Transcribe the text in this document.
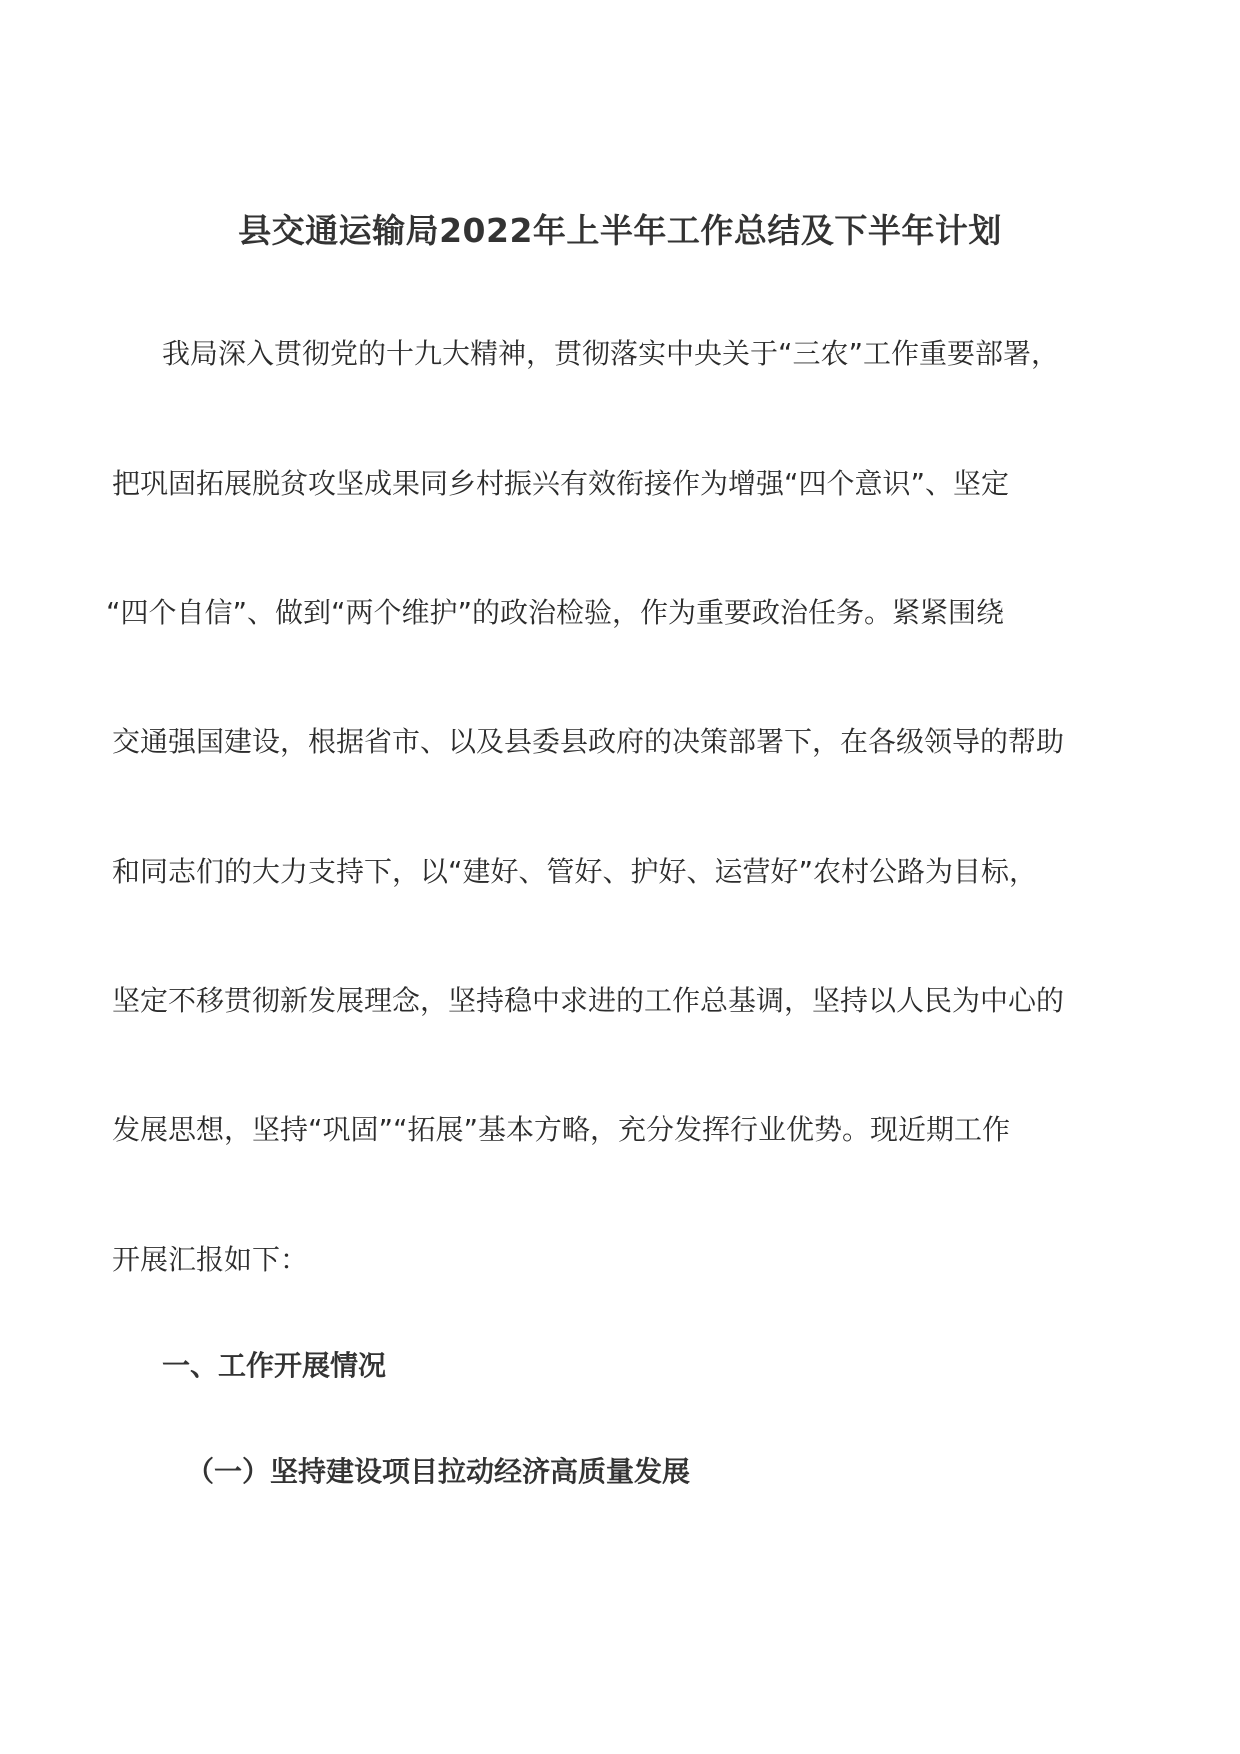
县交通运输局2022年上半年工作总结及下半年计划
我局深入贯彻党的十九大精神，贯彻落实中央关于“三农”工作重要部署，
把巩固拓展脱贫攻坚成果同乡村振兴有效衔接作为增强“四个意识”、坚定
“四个自信”、做到“两个维护”的政治检验，作为重要政治任务。紧紧围绕
交通强国建设，根据省市、以及县委县政府的决策部署下，在各级领导的帮助
和同志们的大力支持下，以“建好、管好、护好、运营好”农村公路为目标，
坚定不移贯彻新发展理念，坚持稳中求进的工作总基调，坚持以人民为中心的
发展思想，坚持“巩固”“拓展”基本方略，充分发挥行业优势。现近期工作
开展汇报如下：
一、工作开展情况
（一）坚持建设项目拉动经济高质量发展
